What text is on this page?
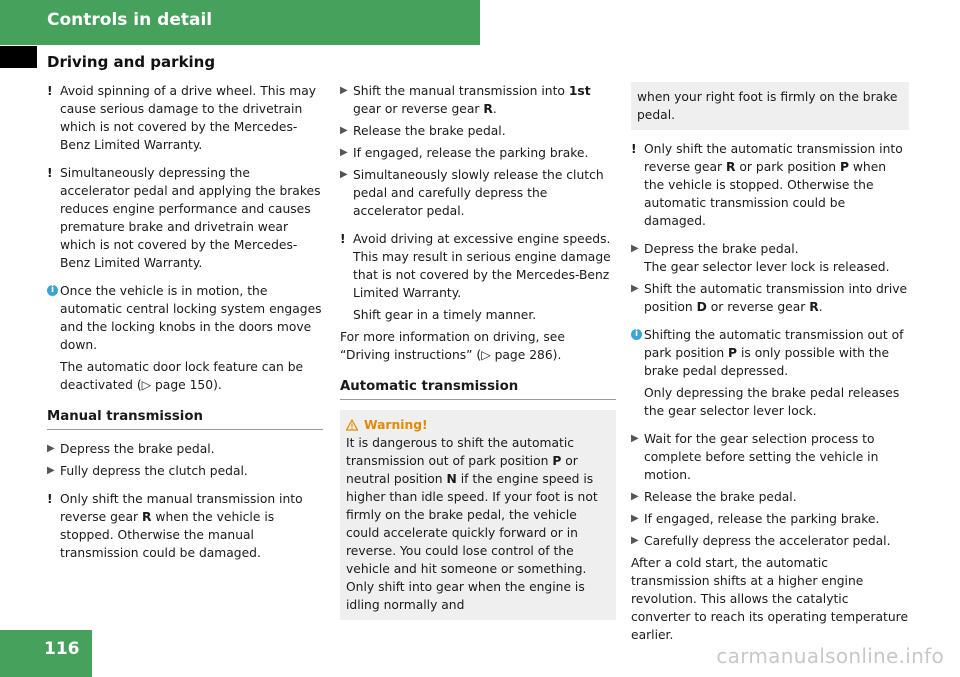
Controls in detail
Driving and parking

! Avoid spinning of a drive wheel. This may cause serious damage to the drivetrain which is not covered by the Mercedes-Benz Limited Warranty.

! Simultaneously depressing the accelerator pedal and applying the brakes reduces engine performance and causes premature brake and drivetrain wear which is not covered by the Mercedes-Benz Limited Warranty.

i Once the vehicle is in motion, the automatic central locking system engages and the locking knobs in the doors move down.

The automatic door lock feature can be deactivated (▷ page 150).

Manual transmission

▶ Depress the brake pedal.

▶ Fully depress the clutch pedal.

! Only shift the manual transmission into reverse gear R when the vehicle is stopped. Otherwise the manual transmission could be damaged.

▶ Shift the manual transmission into 1st gear or reverse gear R.

▶ Release the brake pedal.

▶ If engaged, release the parking brake.

▶ Simultaneously slowly release the clutch pedal and carefully depress the accelerator pedal.

! Avoid driving at excessive engine speeds. This may result in serious engine damage that is not covered by the Mercedes-Benz Limited Warranty.

Shift gear in a timely manner.

For more information on driving, see “Driving instructions” (▷ page 286).

Automatic transmission
Warning!

It is dangerous to shift the automatic transmission out of park position P or neutral position N if the engine speed is higher than idle speed. If your foot is not firmly on the brake pedal, the vehicle could accelerate quickly forward or in reverse. You could lose control of the vehicle and hit someone or something. Only shift into gear when the engine is idling normally and

when your right foot is firmly on the brake pedal.

! Only shift the automatic transmission into reverse gear R or park position P when the vehicle is stopped. Otherwise the automatic transmission could be damaged.

▶ Depress the brake pedal.

The gear selector lever lock is released.

▶ Shift the automatic transmission into drive position D or reverse gear R.

i Shifting the automatic transmission out of park position P is only possible with the brake pedal depressed.

Only depressing the brake pedal releases the gear selector lever lock.

▶ Wait for the gear selection process to complete before setting the vehicle in motion.

▶ Release the brake pedal.

▶ If engaged, release the parking brake.

▶ Carefully depress the accelerator pedal.

After a cold start, the automatic transmission shifts at a higher engine revolution. This allows the catalytic converter to reach its operating temperature earlier.

116	carmanualsonline.info
